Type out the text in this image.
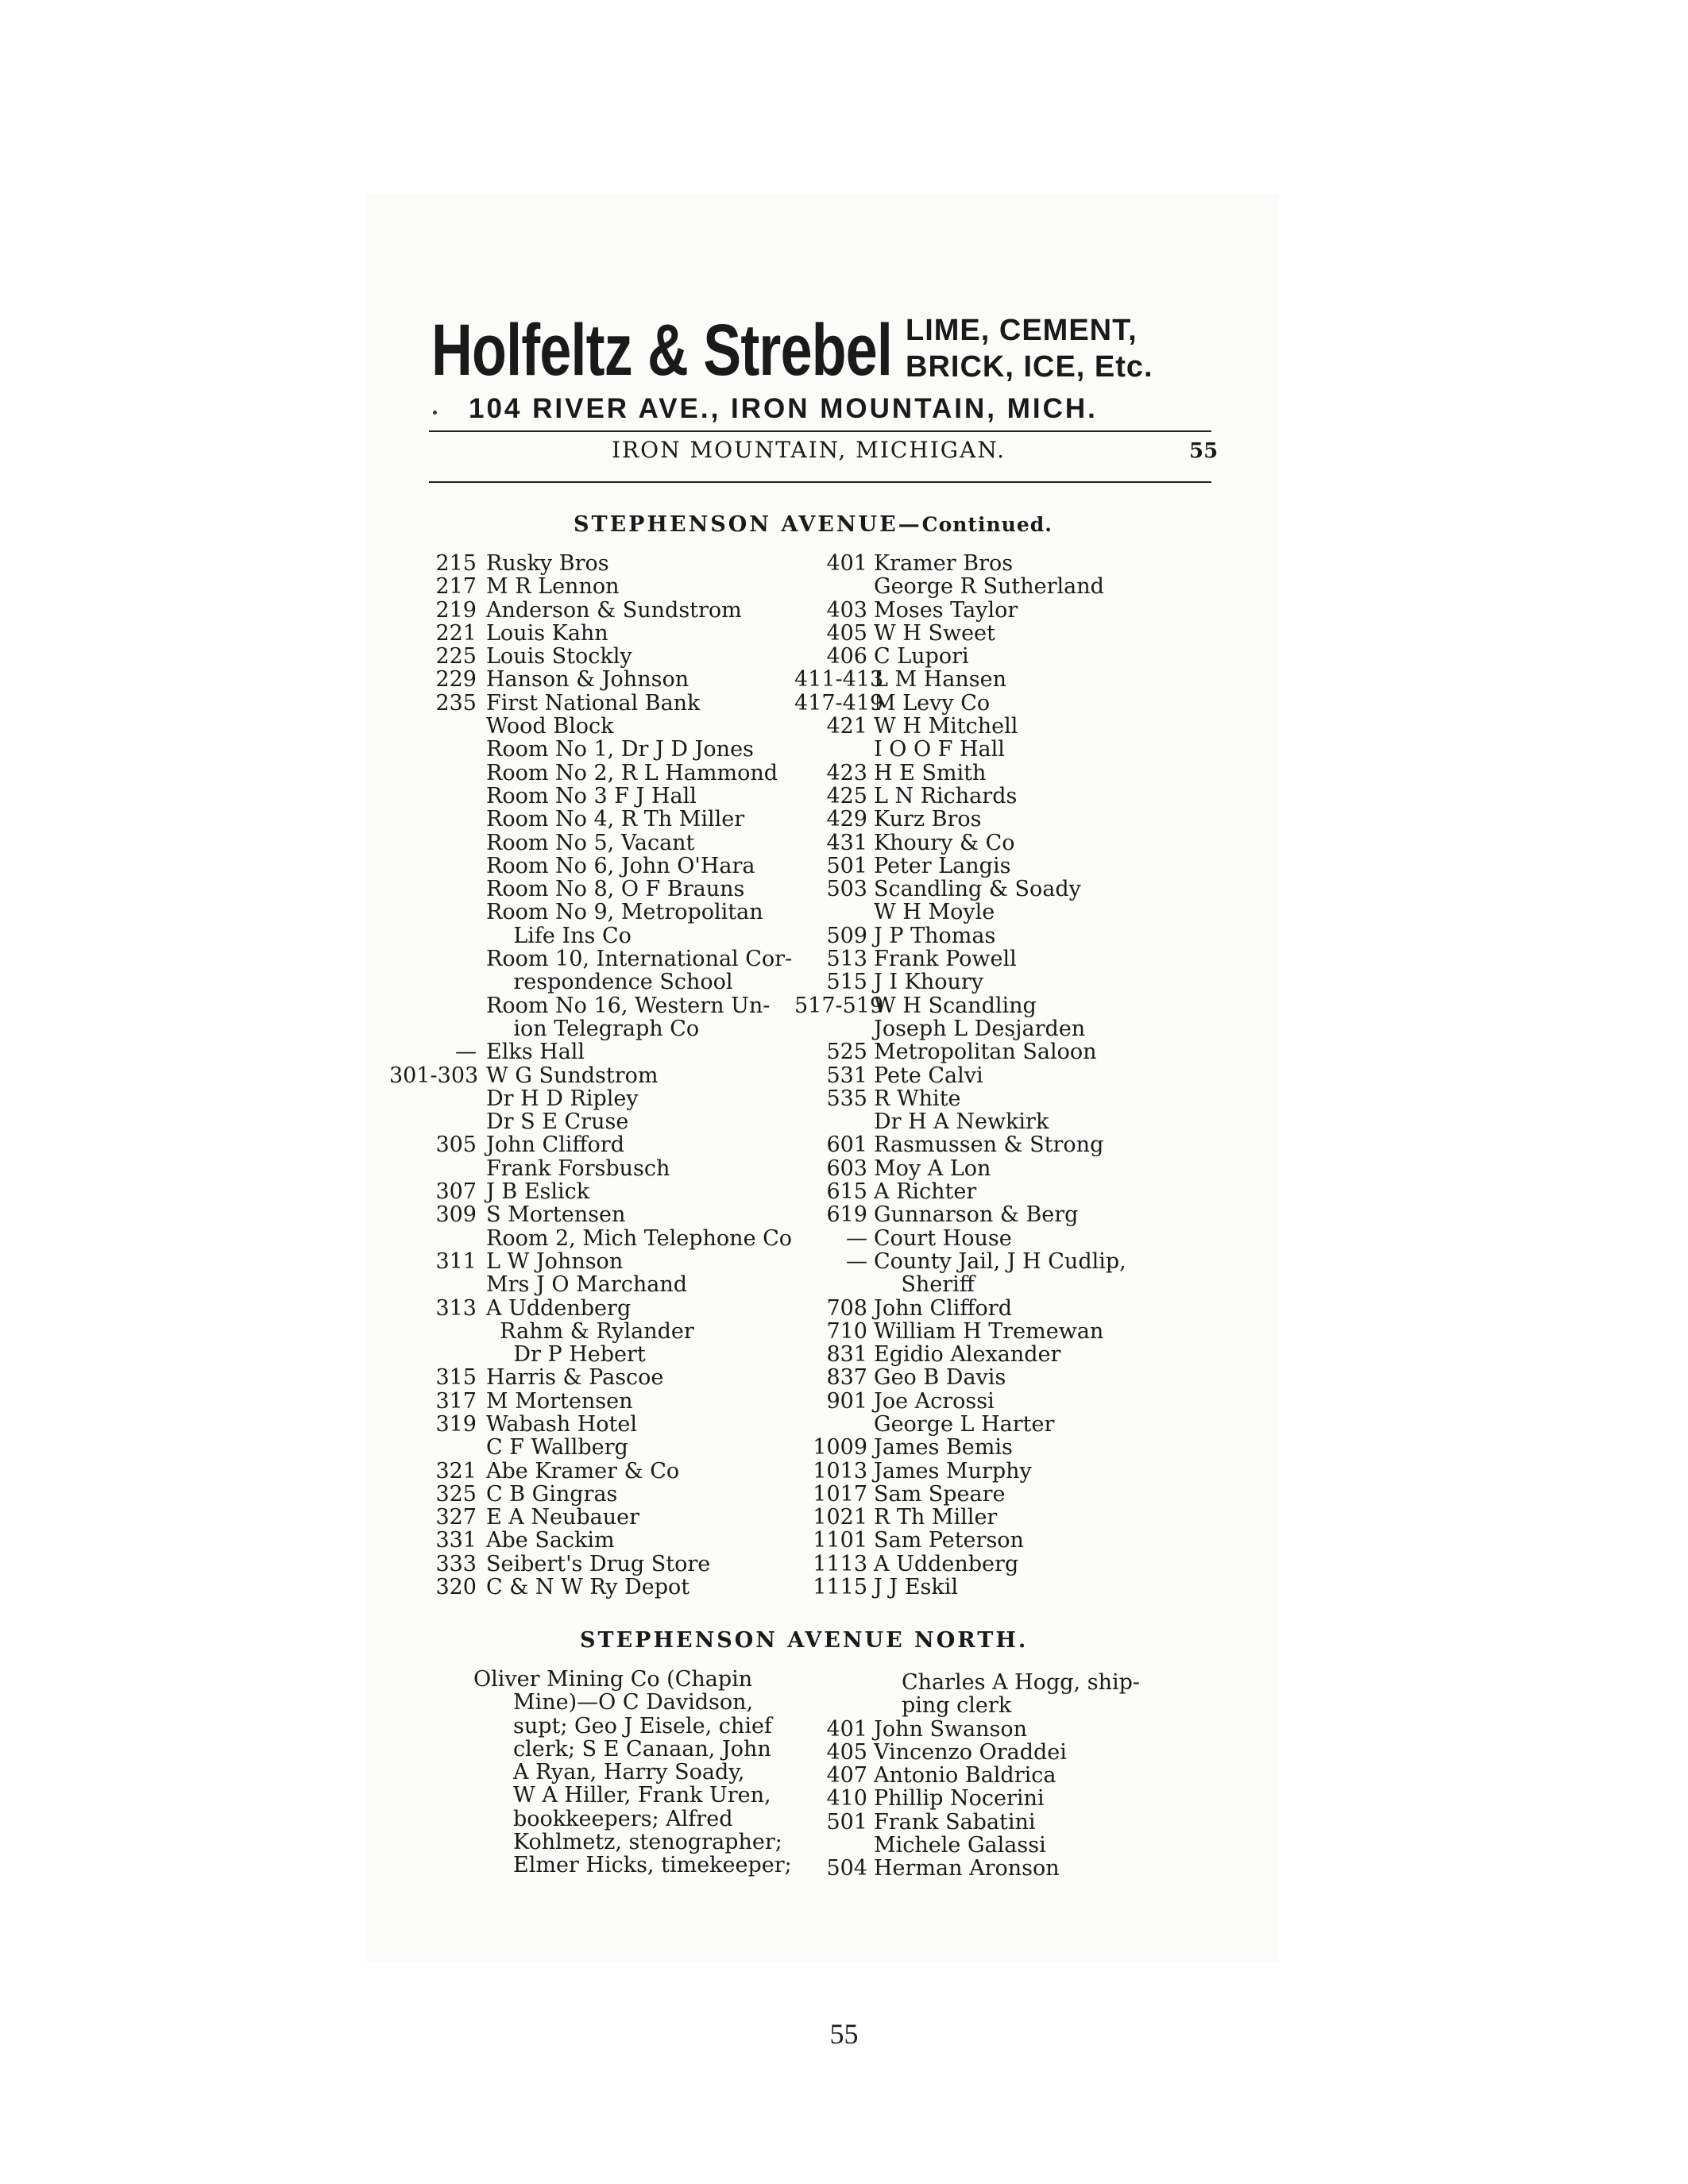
Holfeltz & Strebel LIME, CEMENT,
BRICK, ICE, Etc.
104 RIVER AVE., IRON MOUNTAIN, MICH.
IRON MOUNTAIN, MICHIGAN.	55
STEPHENSON AVENUE—Continued.
215 Rusky Bros
217 M R Lennon
219 Anderson & Sundstrom
221 Louis Kahn
225 Louis Stockly
229 Hanson & Johnson
235 First National Bank
Wood Block
Room No 1, Dr J D Jones
Room No 2, R L Hammond
Room No 3 F J Hall
Room No 4, R Th Miller
Room No 5, Vacant
Room No 6, John O'Hara
Room No 8, O F Brauns
Room No 9, Metropolitan
Life Ins Co
Room 10, International Cor-
respondence School
Room No 16, Western Un-
ion Telegraph Co
— Elks Hall
301-303 W G Sundstrom
Dr H D Ripley
Dr S E Cruse
305 John Clifford
Frank Forsbusch
307 J B Eslick
309 S Mortensen
Room 2, Mich Telephone Co
311 L W Johnson
Mrs J O Marchand
313 A Uddenberg
Rahm & Rylander
Dr P Hebert
315 Harris & Pascoe
317 M Mortensen
319 Wabash Hotel
C F Wallberg
321 Abe Kramer & Co
325 C B Gingras
327 E A Neubauer
331 Abe Sackim
333 Seibert's Drug Store
320 C & N W Ry Depot
401 Kramer Bros
George R Sutherland
403 Moses Taylor
405 W H Sweet
406 C Lupori
411-413
L M Hansen
417-419
M Levy Co
421 W H Mitchell
I O O F Hall
423 H E Smith
425 L N Richards
429 Kurz Bros
431 Khoury & Co
501 Peter Langis
503 Scandling & Soady
W H Moyle
509 J P Thomas
513 Frank Powell
515 J I Khoury
517-519
W H Scandling
Joseph L Desjarden
525 Metropolitan Saloon
531 Pete Calvi
535 R White
Dr H A Newkirk
601 Rasmussen & Strong
603 Moy A Lon
615 A Richter
619 Gunnarson & Berg
— Court House
— County Jail, J H Cudlip,
Sheriff
708 John Clifford
710 William H Tremewan
831 Egidio Alexander
837 Geo B Davis
901 Joe Acrossi
George L Harter
1009 James Bemis
1013 James Murphy
1017 Sam Speare
1021 R Th Miller
1101 Sam Peterson
1113 A Uddenberg
1115 J J Eskil
STEPHENSON AVENUE NORTH.
Oliver Mining Co (Chapin
Mine)—O C Davidson,
supt; Geo J Eisele, chief
clerk; S E Canaan, John
A Ryan, Harry Soady,
W A Hiller, Frank Uren,
bookkeepers; Alfred
Kohlmetz, stenographer;
Elmer Hicks, timekeeper;
Charles A Hogg, ship-
ping clerk
401 John Swanson
405 Vincenzo Oraddei
407 Antonio Baldrica
410 Phillip Nocerini
501 Frank Sabatini
Michele Galassi
504 Herman Aronson
55
